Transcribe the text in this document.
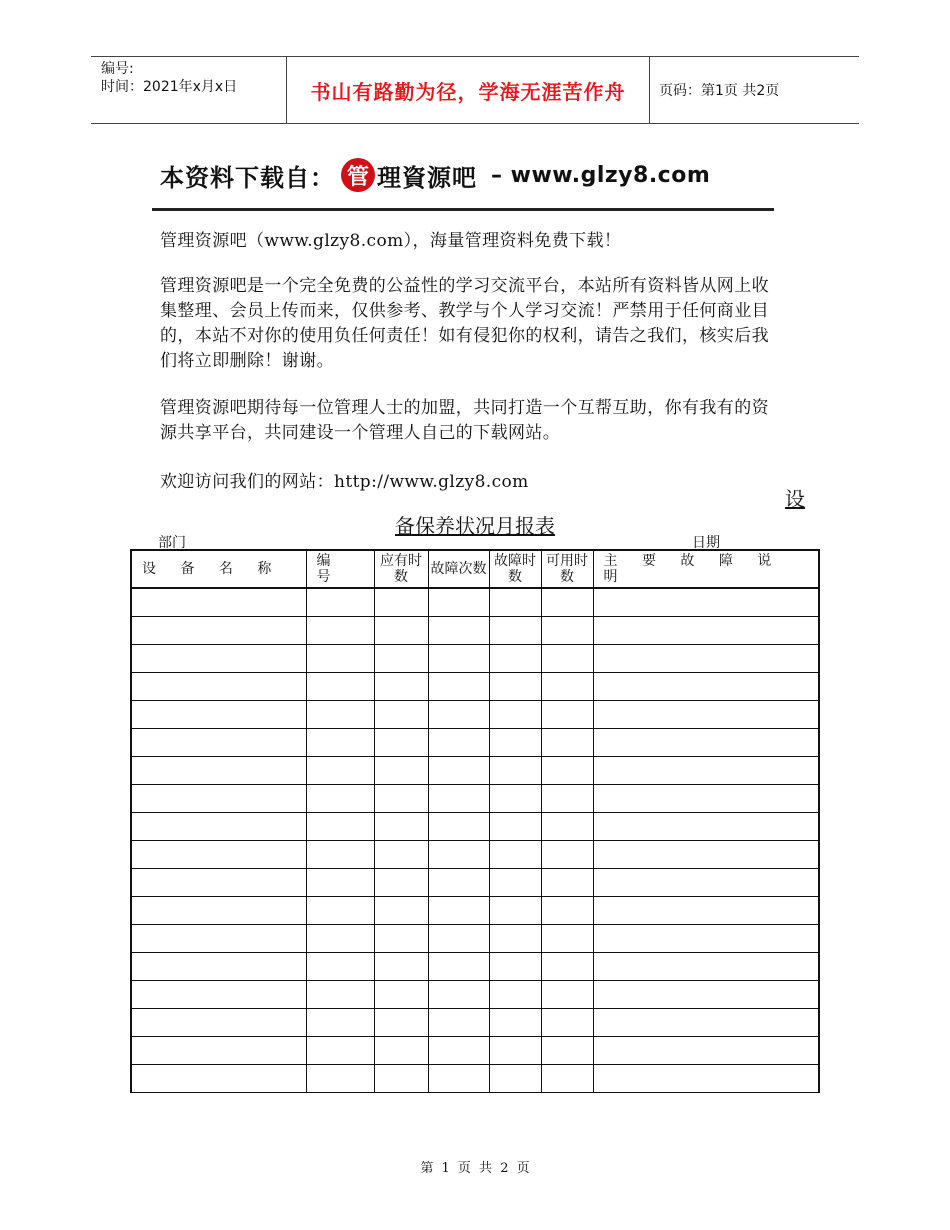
编号:
时间：2021年x月x日	书山有路勤为径，学海无涯苦作舟	页码：第1页 共2页
本资料下载自： 管 理資源吧 – www.glzy8.com

管理资源吧（www.glzy8.com），海量管理资料免费下载！

管理资源吧是一个完全免费的公益性的学习交流平台，本站所有资料皆从网上收集整理、会员上传而来，仅供参考、教学与个人学习交流！严禁用于任何商业目的，本站不对你的使用负任何责任！如有侵犯你的权利，请告之我们，核实后我们将立即删除！谢谢。

管理资源吧期待每一位管理人士的加盟，共同打造一个互帮互助，你有我有的资源共享平台，共同建设一个管理人自己的下载网站。

欢迎访问我们的网站：http://www.glzy8.com

设
备保养状况月报表
部门	日期
设 备 名 称	编 号	应有时数	故障次数	故障时数	可用时数	主 要 故 障 说 明

第 1 页 共 2 页
